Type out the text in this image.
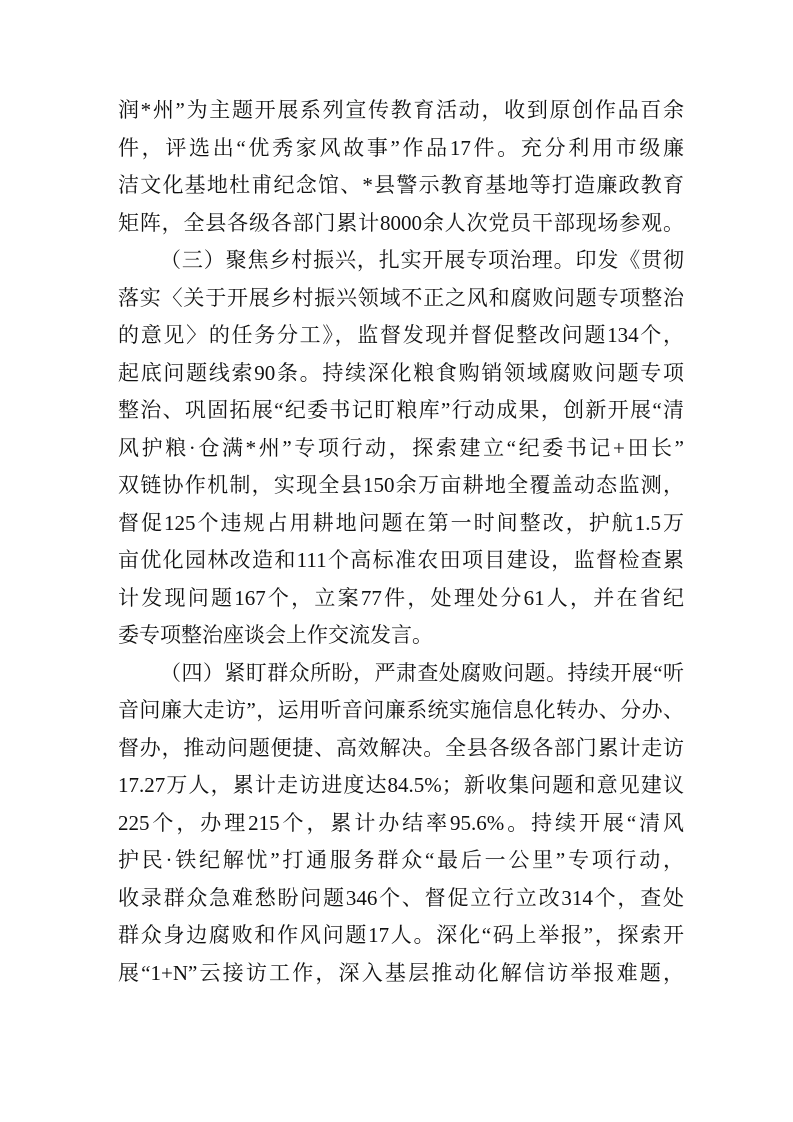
润*州”为主题开展系列宣传教育活动，收到原创作品百余
件，评选出“优秀家风故事”作品17件。充分利用市级廉
洁文化基地杜甫纪念馆、*县警示教育基地等打造廉政教育
矩阵，全县各级各部门累计8000余人次党员干部现场参观。
（三）聚焦乡村振兴，扎实开展专项治理。印发《贯彻
落实〈关于开展乡村振兴领域不正之风和腐败问题专项整治
的意见〉的任务分工》，监督发现并督促整改问题134个，
起底问题线索90条。持续深化粮食购销领域腐败问题专项
整治、巩固拓展“纪委书记盯粮库”行动成果，创新开展“清
风护粮·仓满*州”专项行动，探索建立“纪委书记+田长”
双链协作机制，实现全县150余万亩耕地全覆盖动态监测，
督促125个违规占用耕地问题在第一时间整改，护航1.5万
亩优化园林改造和111个高标准农田项目建设，监督检查累
计发现问题167个，立案77件，处理处分61人，并在省纪
委专项整治座谈会上作交流发言。
（四）紧盯群众所盼，严肃查处腐败问题。持续开展“听
音问廉大走访”，运用听音问廉系统实施信息化转办、分办、
督办，推动问题便捷、高效解决。全县各级各部门累计走访
17.27万人，累计走访进度达84.5%；新收集问题和意见建议
225个，办理215个，累计办结率95.6%。持续开展“清风
护民·铁纪解忧”打通服务群众“最后一公里”专项行动，
收录群众急难愁盼问题346个、督促立行立改314个，查处
群众身边腐败和作风问题17人。深化“码上举报”，探索开
展“1+N”云接访工作，深入基层推动化解信访举报难题，
